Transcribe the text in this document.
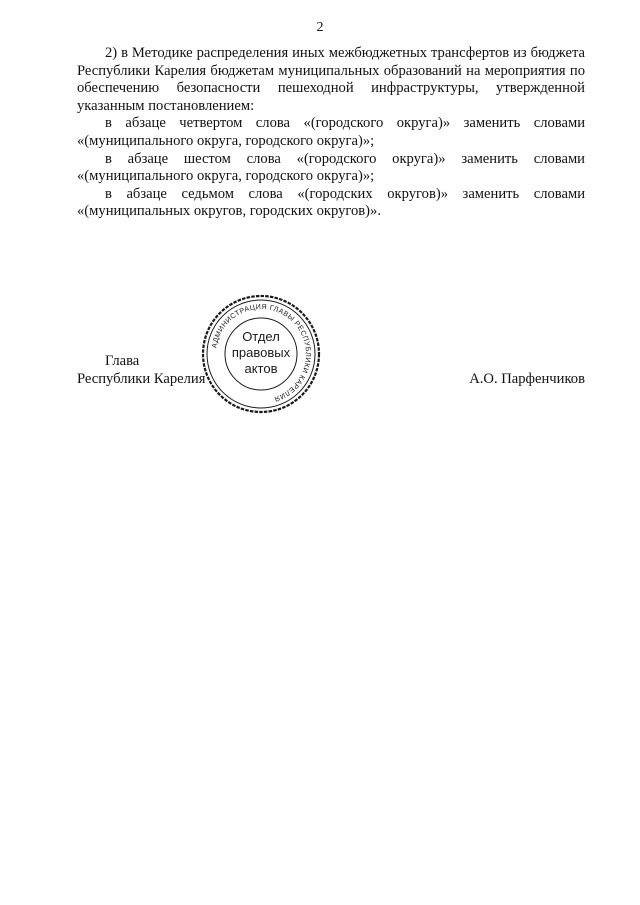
2

2) в Методике распределения иных межбюджетных трансфертов из бюджета Республики Карелия бюджетам муниципальных образований на мероприятия по обеспечению безопасности пешеходной инфраструктуры, утвержденной указанным постановлением:

в абзаце четвертом слова «(городского округа)» заменить словами «(муниципального округа, городского округа)»;

в абзаце шестом слова «(городского округа)» заменить словами «(муниципального округа, городского округа)»;

в абзаце седьмом слова «(городских округов)» заменить словами «(муниципальных округов, городских округов)».

Глава
Республики Карелия	А.О. Парфенчиков
АДМИНИСТРАЦИЯ ГЛАВЫ РЕСПУБЛИКИ КАРЕЛИЯ
Отдел
правовых
актов
